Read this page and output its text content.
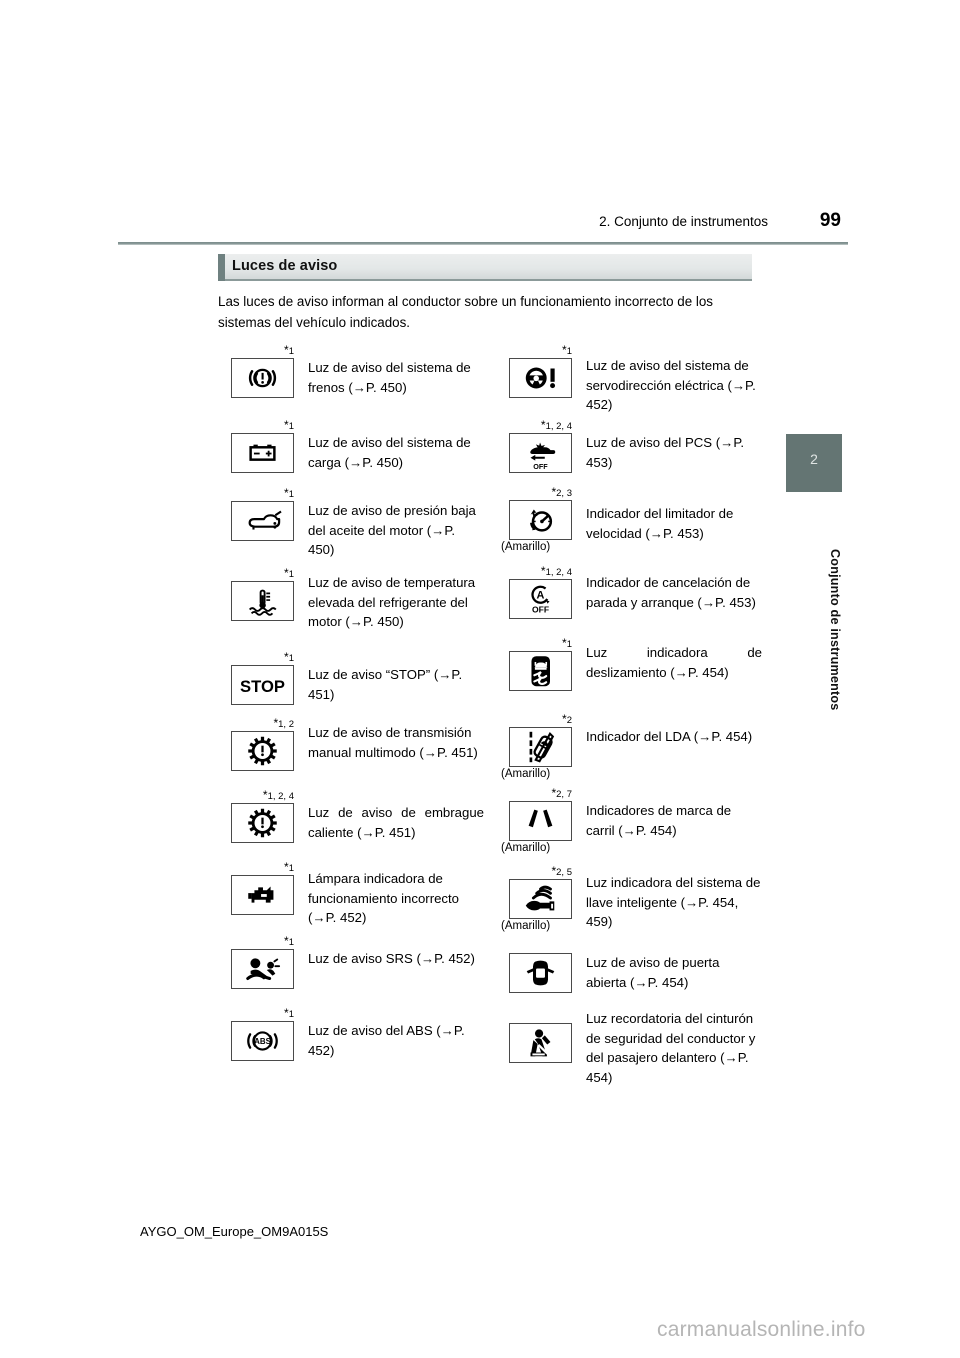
2. Conjunto de instrumentos	99
Luces de aviso
Las luces de aviso informan al conductor sobre un funcionamiento incorrecto de los sistemas del vehículo indicados.
2
Conjunto de instrumentos
*1
Luz de aviso del sistema de frenos (→P. 450)
*1
Luz de aviso del sistema de carga (→P. 450)
*1
Luz de aviso de presión baja del aceite del motor (→P. 450)
*1
Luz de aviso de temperatura elevada del refrigerante del motor (→P. 450)
*1
STOP
Luz de aviso “STOP” (→P. 451)
*1, 2
Luz de aviso de transmisión manual multimodo (→P. 451)
*1, 2, 4
Luz de aviso de embrague caliente (→P. 451)
*1
Lámpara indicadora de funcionamiento incorrecto (→P. 452)
*1
Luz de aviso SRS (→P. 452)
*1
ABS
Luz de aviso del ABS (→P. 452)
*1
Luz de aviso del sistema de servodirección eléctrica (→P. 452)
*1, 2, 4
OFF
Luz de aviso del PCS (→P. 453)
*2, 3
(Amarillo)
Indicador del limitador de velocidad (→P. 453)
*1, 2, 4
A
OFF
Indicador de cancelación de parada y arranque (→P. 453)
*1
Luz indicadora de deslizamiento (→P. 454)
*2
(Amarillo)
Indicador del LDA (→P. 454)
*2, 7
(Amarillo)
Indicadores de marca de carril (→P. 454)
*2, 5
(Amarillo)
Luz indicadora del sistema de llave inteligente (→P. 454, 459)
Luz de aviso de puerta abierta (→P. 454)
Luz recordatoria del cinturón de seguridad del conductor y del pasajero delantero (→P. 454)
AYGO_OM_Europe_OM9A015S
carmanualsonline.info
